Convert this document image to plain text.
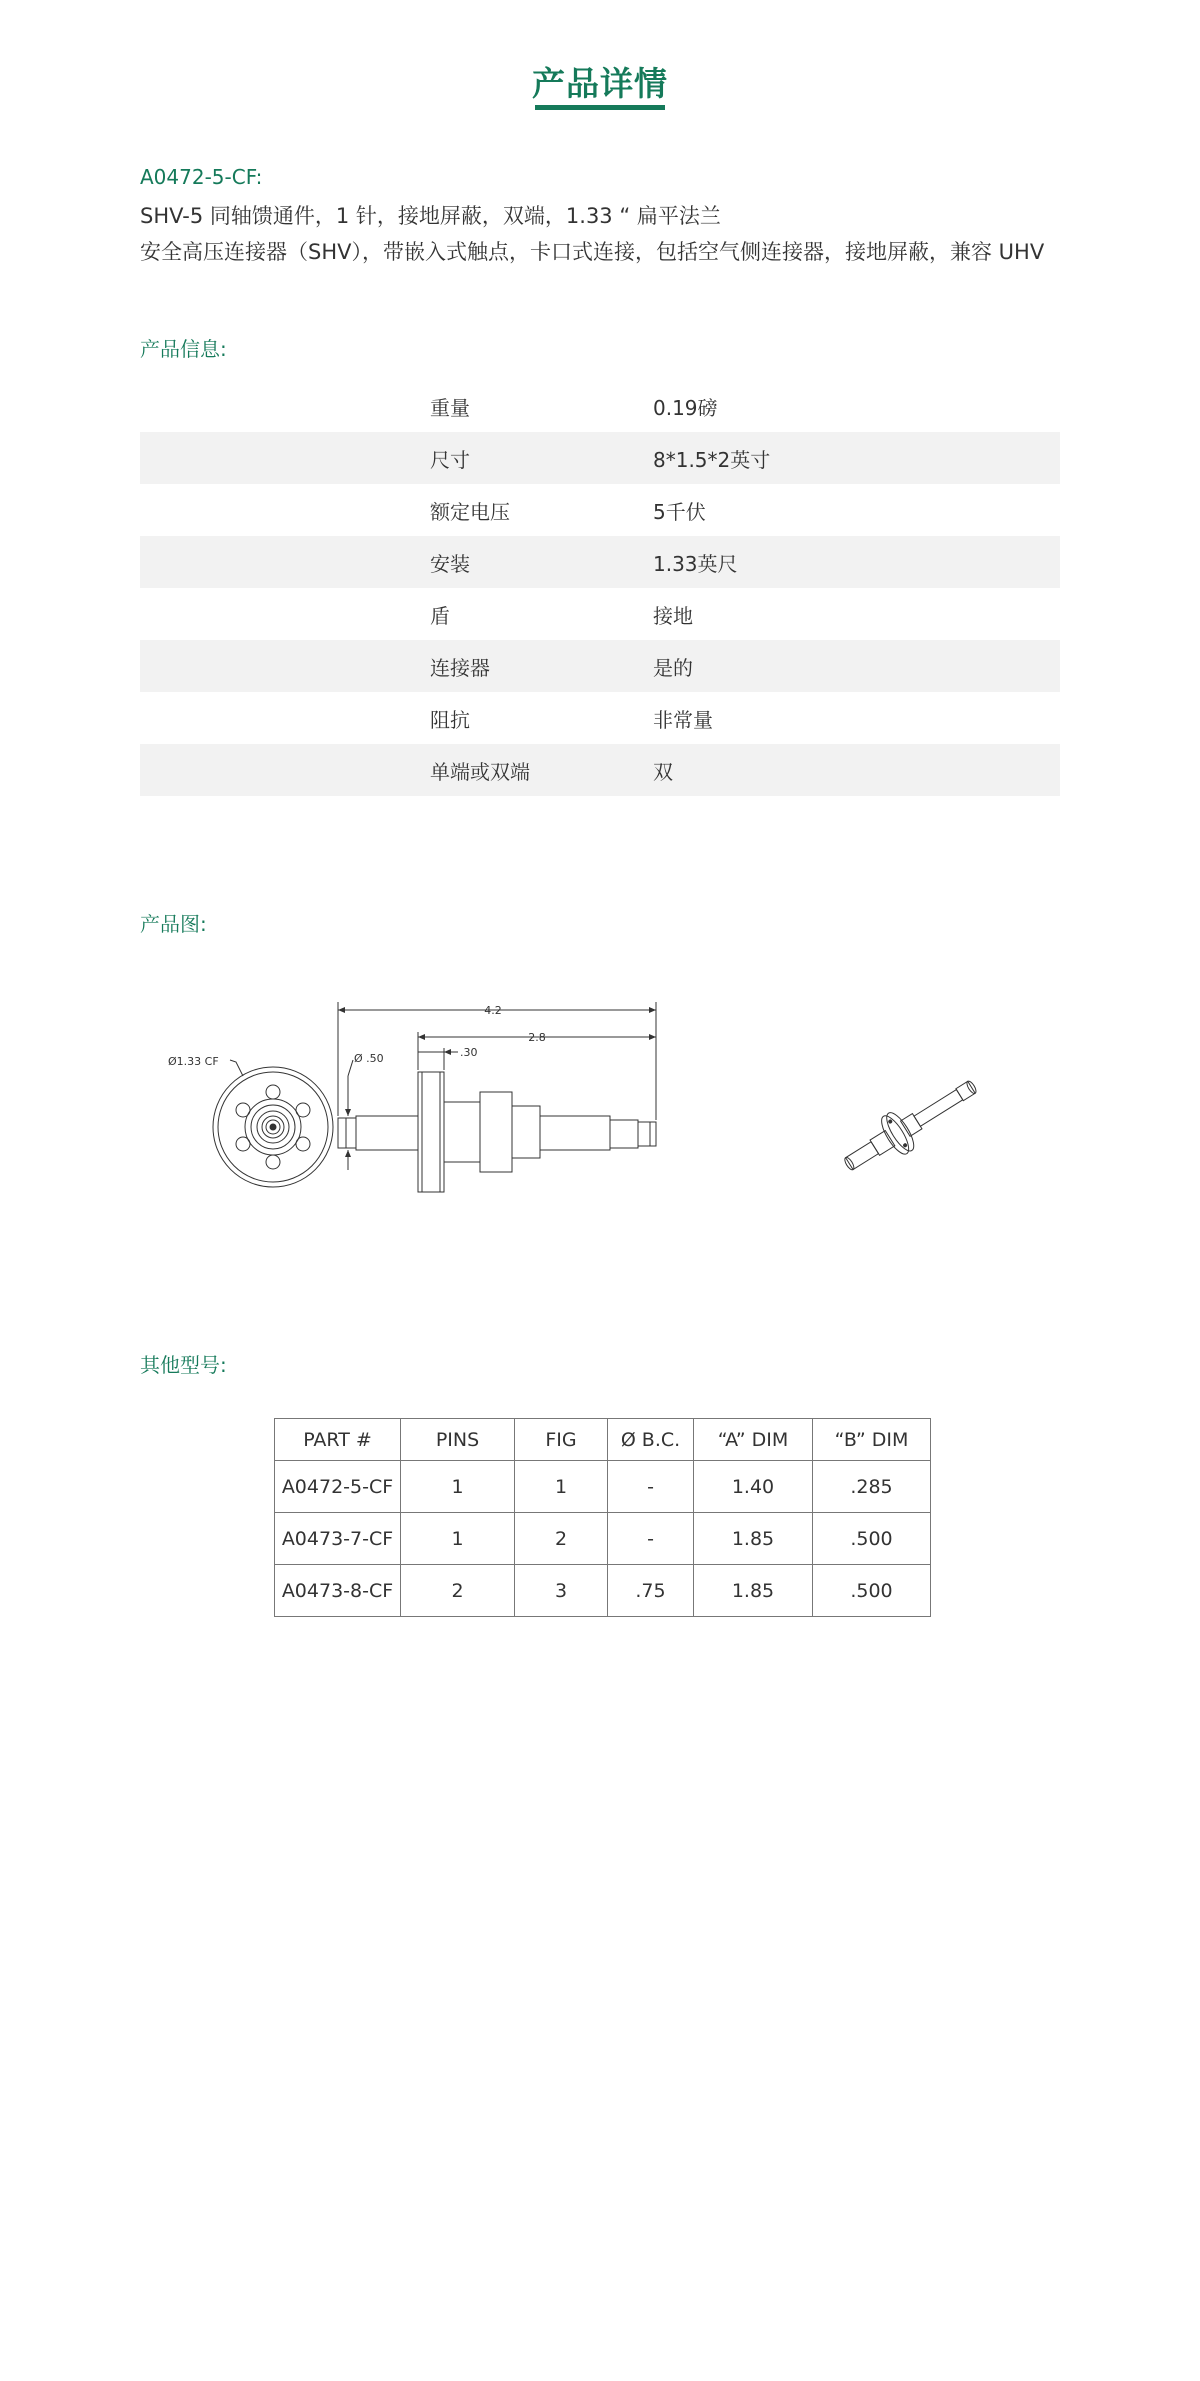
产品详情
A0472-5-CF:
SHV-5 同轴馈通件，1 针，接地屏蔽，双端，1.33 “ 扁平法兰
安全高压连接器（SHV），带嵌入式触点，卡口式连接，包括空气侧连接器，接地屏蔽，兼容 UHV
产品信息:
重量	0.19磅
尺寸	8*1.5*2英寸
额定电压	5千伏
安装	1.33英尺
盾	接地
连接器	是的
阻抗	非常量
单端或双端	双
产品图:
Ø1.33 CF
4.2
2.8
.30
Ø .50
其他型号:
PART #	PINS	FIG	Ø B.C.	“A” DIM	“B” DIM
A0472-5-CF	1	1	-	1.40	.285
A0473-7-CF	1	2	-	1.85	.500
A0473-8-CF	2	3	.75	1.85	.500
